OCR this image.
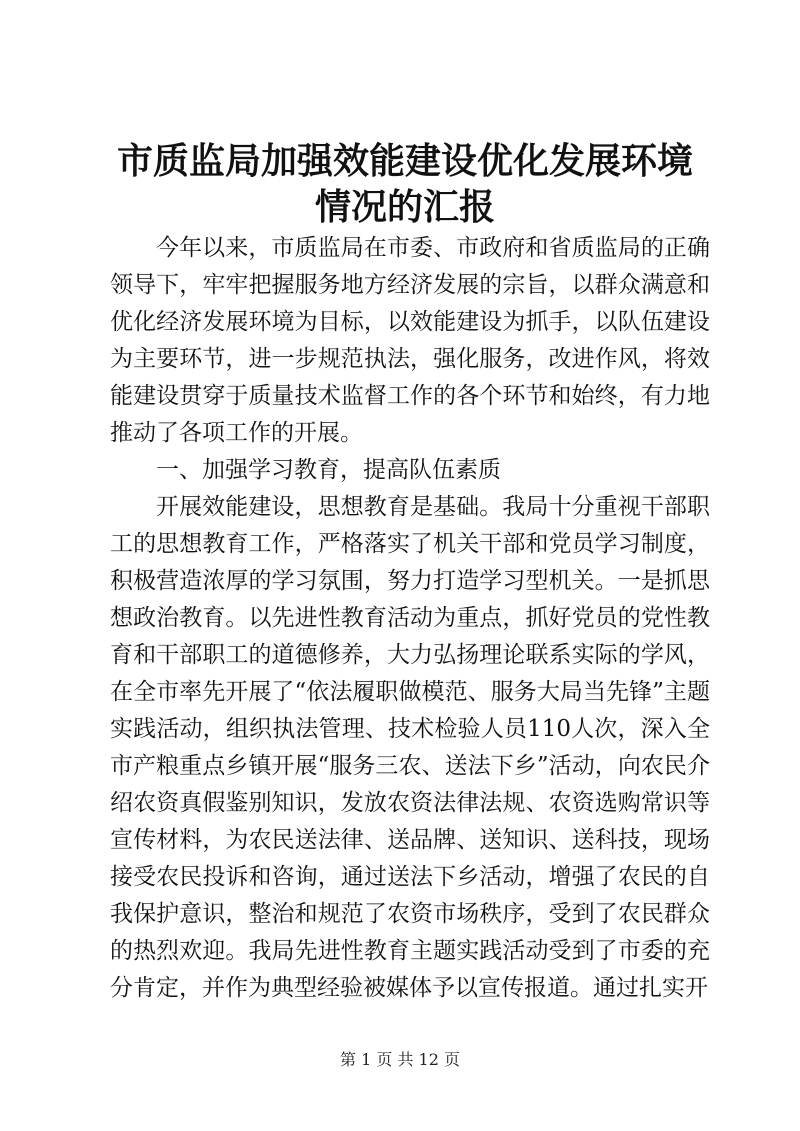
市质监局加强效能建设优化发展环境情况的汇报

今年以来，市质监局在市委、市政府和省质监局的正确领导下，牢牢把握服务地方经济发展的宗旨，以群众满意和优化经济发展环境为目标，以效能建设为抓手，以队伍建设为主要环节，进一步规范执法，强化服务，改进作风，将效能建设贯穿于质量技术监督工作的各个环节和始终，有力地推动了各项工作的开展。

一、加强学习教育，提高队伍素质

开展效能建设，思想教育是基础。我局十分重视干部职工的思想教育工作，严格落实了机关干部和党员学习制度，积极营造浓厚的学习氛围，努力打造学习型机关。一是抓思想政治教育。以先进性教育活动为重点，抓好党员的党性教育和干部职工的道德修养，大力弘扬理论联系实际的学风，在全市率先开展了“依法履职做模范、服务大局当先锋”主题实践活动，组织执法管理、技术检验人员110人次，深入全市产粮重点乡镇开展“服务三农、送法下乡”活动，向农民介绍农资真假鉴别知识，发放农资法律法规、农资选购常识等宣传材料，为农民送法律、送品牌、送知识、送科技，现场接受农民投诉和咨询，通过送法下乡活动，增强了农民的自我保护意识，整治和规范了农资市场秩序，受到了农民群众的热烈欢迎。我局先进性教育主题实践活动受到了市委的充分肯定，并作为典型经验被媒体予以宣传报道。通过扎实开

第 1 页 共 12 页
